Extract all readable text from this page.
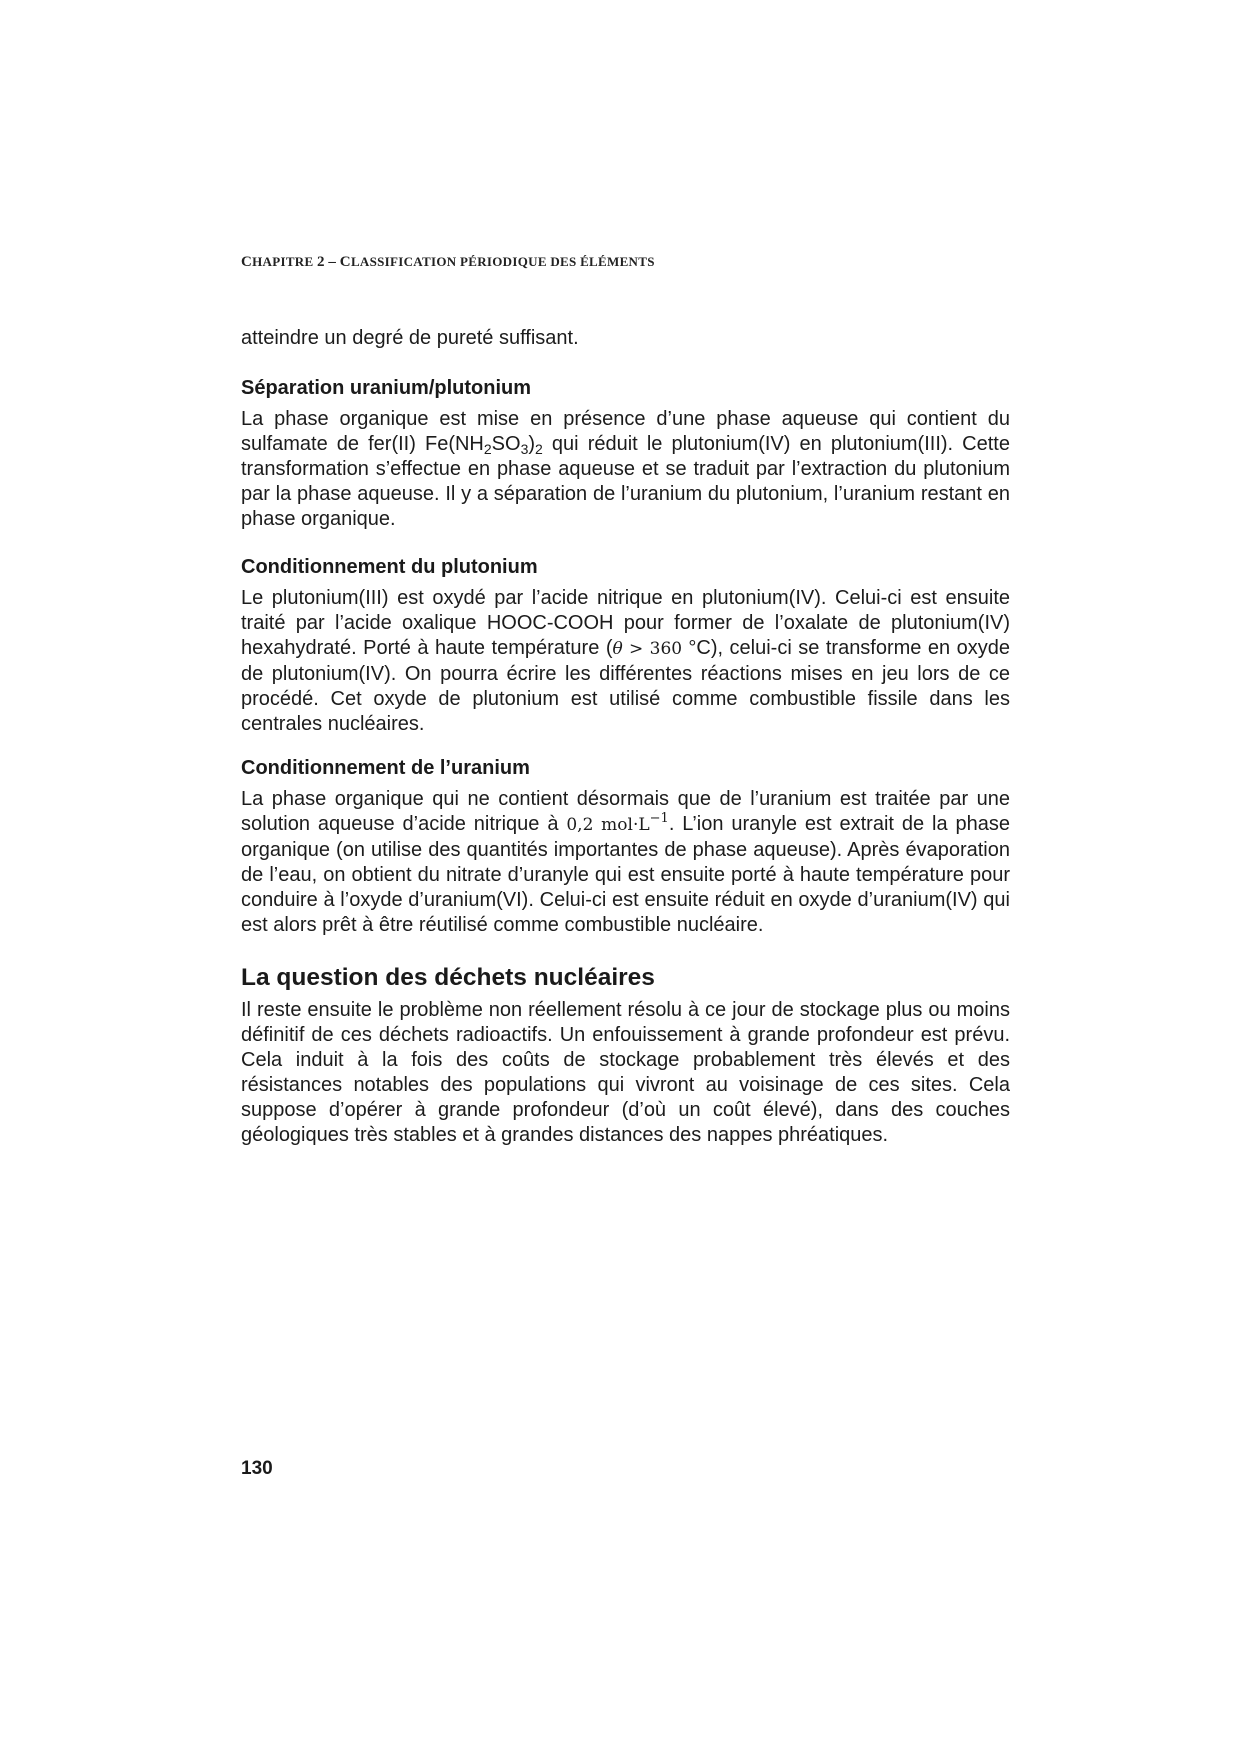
CHAPITRE 2 – CLASSIFICATION PÉRIODIQUE DES ÉLÉMENTS

atteindre un degré de pureté suffisant.

Séparation uranium/plutonium

La phase organique est mise en présence d’une phase aqueuse qui contient du sulfamate de fer(II) $Fe(NH_2SO_3)_2$ qui réduit le plutonium(IV) en plutonium(III). Cette transformation s’effectue en phase aqueuse et se traduit par l’extraction du plutonium par la phase aqueuse. Il y a séparation de l’uranium du plutonium, l’uranium restant en phase organique.

Conditionnement du plutonium

Le plutonium(III) est oxydé par l’acide nitrique en plutonium(IV). Celui-ci est ensuite traité par l’acide oxalique HOOC-COOH pour former de l’oxalate de plutonium(IV) hexahydraté. Porté à haute température (θ > 360 °C), celui-ci se transforme en oxyde de plutonium(IV). On pourra écrire les différentes réactions mises en jeu lors de ce procédé. Cet oxyde de plutonium est utilisé comme combustible fissile dans les centrales nucléaires.

Conditionnement de l’uranium

La phase organique qui ne contient désormais que de l’uranium est traitée par une solution aqueuse d’acide nitrique à 0,2 $mol\cdot L^{-1}$. L’ion uranyle est extrait de la phase organique (on utilise des quantités importantes de phase aqueuse). Après évaporation de l’eau, on obtient du nitrate d’uranyle qui est ensuite porté à haute température pour conduire à l’oxyde d’uranium(VI). Celui-ci est ensuite réduit en oxyde d’uranium(IV) qui est alors prêt à être réutilisé comme combustible nucléaire.

La question des déchets nucléaires

Il reste ensuite le problème non réellement résolu à ce jour de stockage plus ou moins définitif de ces déchets radioactifs. Un enfouissement à grande profondeur est prévu. Cela induit à la fois des coûts de stockage probablement très élevés et des résistances notables des populations qui vivront au voisinage de ces sites. Cela suppose d’opérer à grande profondeur (d’où un coût élevé), dans des couches géologiques très stables et à grandes distances des nappes phréatiques.

130
